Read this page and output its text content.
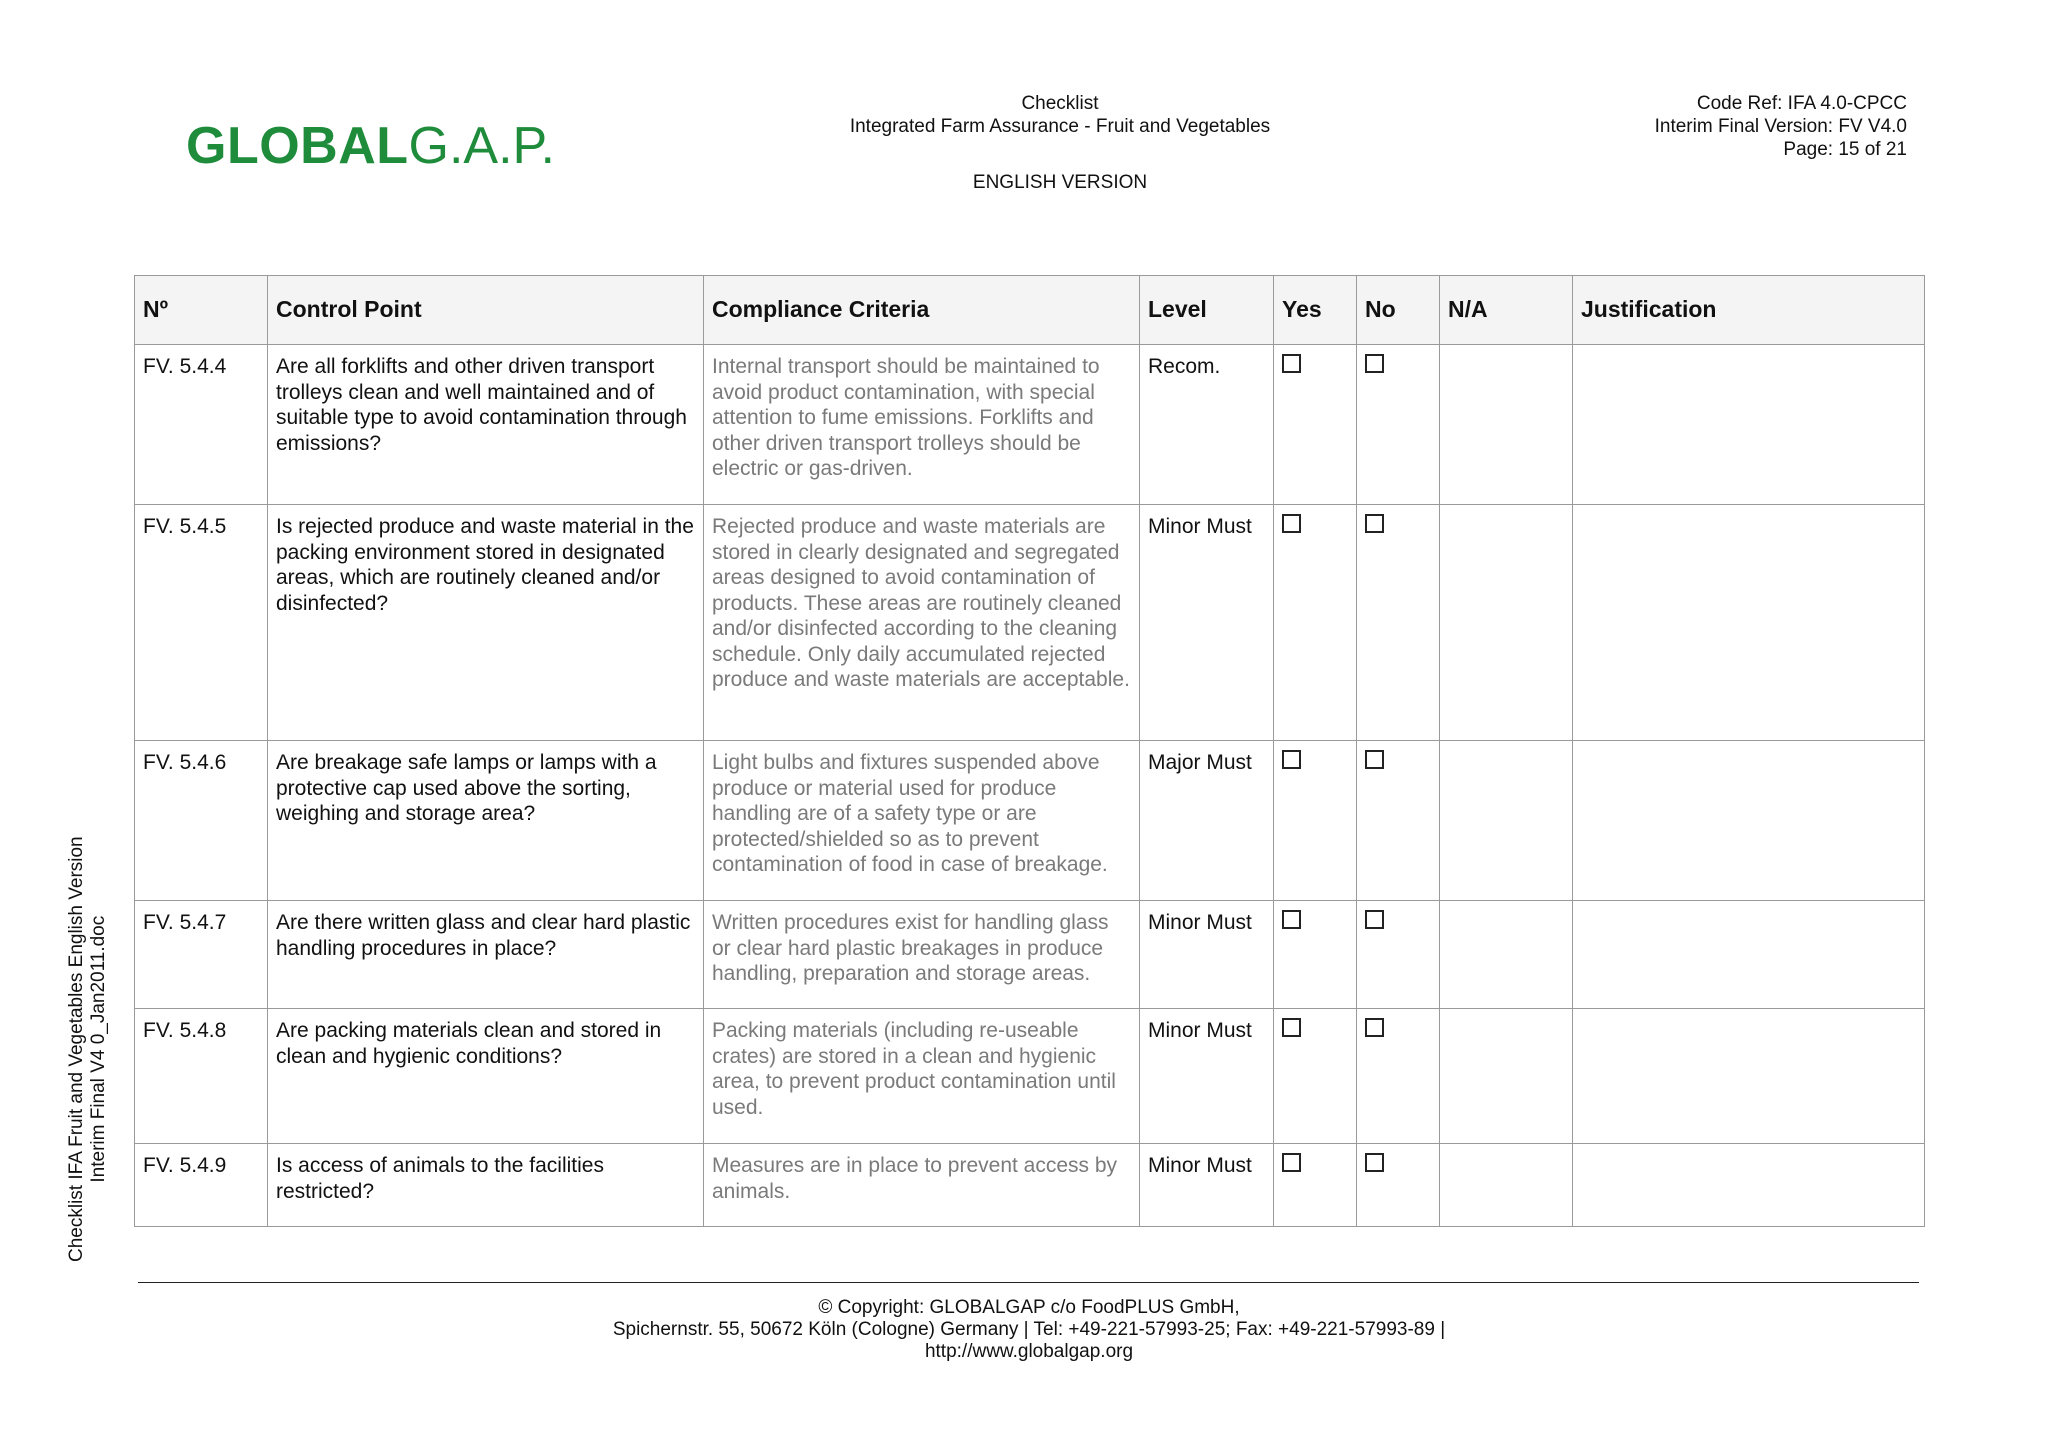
GLOBALG.A.P.
Checklist
Integrated Farm Assurance - Fruit and Vegetables
ENGLISH VERSION
Code Ref: IFA 4.0-CPCC
Interim Final Version: FV V4.0
Page: 15 of 21
Checklist IFA Fruit and Vegetables English Version Interim Final V4 0_Jan2011.doc
Nº	Control Point	Compliance Criteria	Level	Yes	No	N/A	Justification
FV. 5.4.4	Are all forklifts and other driven transport trolleys clean and well maintained and of suitable type to avoid contamination through emissions?	Internal transport should be maintained to avoid product contamination, with special attention to fume emissions. Forklifts and other driven transport trolleys should be electric or gas-driven.	Recom.				
FV. 5.4.5	Is rejected produce and waste material in the packing environment stored in designated areas, which are routinely cleaned and/or disinfected?	Rejected produce and waste materials are stored in clearly designated and segregated areas designed to avoid contamination of products. These areas are routinely cleaned and/or disinfected according to the cleaning schedule. Only daily accumulated rejected produce and waste materials are acceptable.	Minor Must				
FV. 5.4.6	Are breakage safe lamps or lamps with a protective cap used above the sorting, weighing and storage area?	Light bulbs and fixtures suspended above produce or material used for produce handling are of a safety type or are protected/shielded so as to prevent contamination of food in case of breakage.	Major Must				
FV. 5.4.7	Are there written glass and clear hard plastic handling procedures in place?	Written procedures exist for handling glass or clear hard plastic breakages in produce handling, preparation and storage areas.	Minor Must				
FV. 5.4.8	Are packing materials clean and stored in clean and hygienic conditions?	Packing materials (including re-useable crates) are stored in a clean and hygienic area, to prevent product contamination until used.	Minor Must				
FV. 5.4.9	Is access of animals to the facilities restricted?	Measures are in place to prevent access by animals.	Minor Must				
© Copyright: GLOBALGAP c/o FoodPLUS GmbH,
Spichernstr. 55, 50672 Köln (Cologne) Germany | Tel: +49-221-57993-25; Fax: +49-221-57993-89 |
http://www.globalgap.org
